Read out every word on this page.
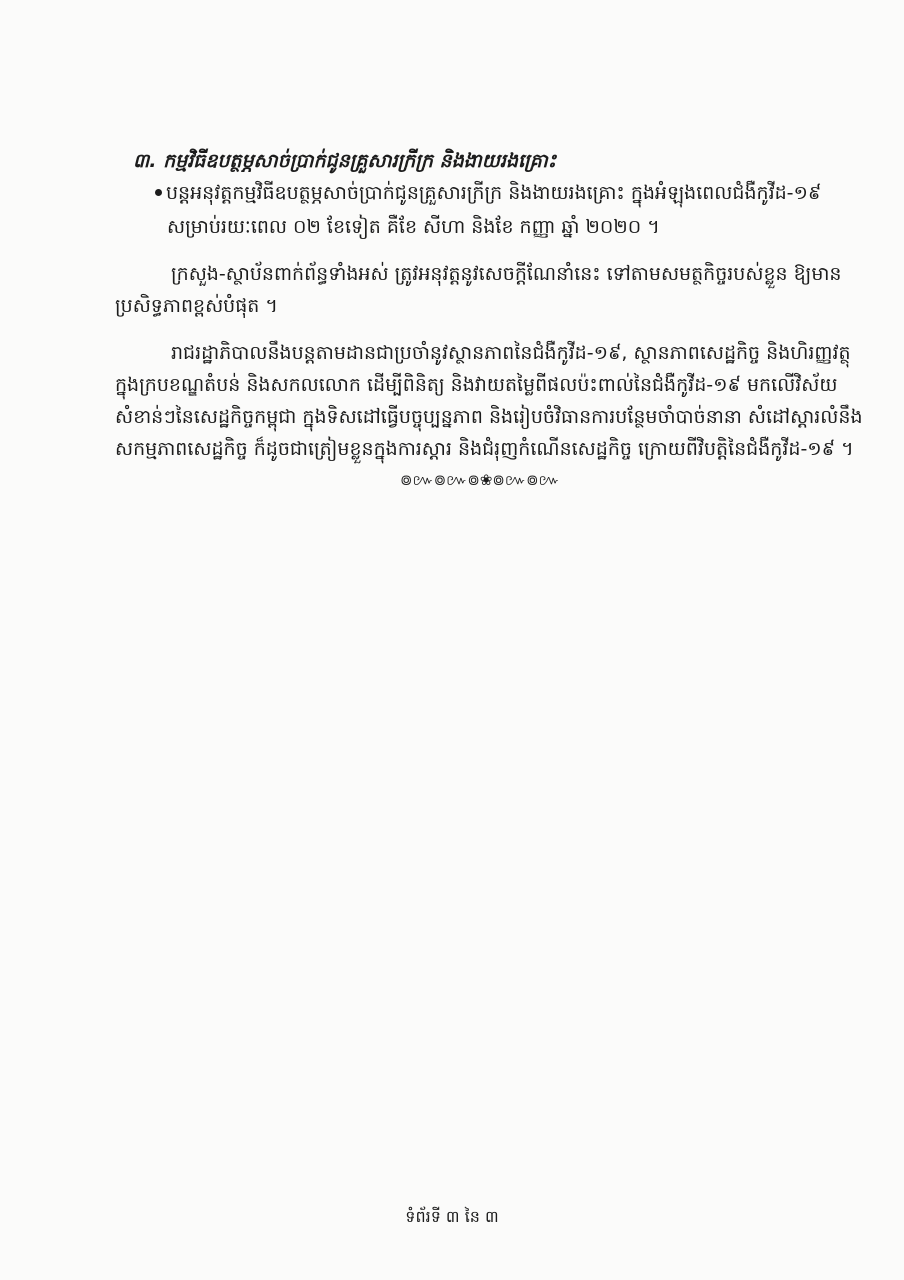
៣. កម្មវិធីឧបត្ថម្ភសាច់ប្រាក់ជូនគ្រួសារក្រីក្រ និងងាយរងគ្រោះ
បន្តអនុវត្តកម្មវិធីឧបត្ថម្ភសាច់ប្រាក់ជូនគ្រួសារក្រីក្រ និងងាយរងគ្រោះ ក្នុងអំឡុងពេលជំងឺកូវីដ-១៩
សម្រាប់រយៈពេល ០២ ខែទៀត គឺខែ សីហា និងខែ កញ្ញា ឆ្នាំ ២០២០ ។
ក្រសួង-ស្ថាប័នពាក់ព័ន្ធទាំងអស់ ត្រូវអនុវត្តនូវសេចក្ដីណែនាំនេះ ទៅតាមសមត្ថកិច្ចរបស់ខ្លួន ឱ្យមាន
ប្រសិទ្ធភាពខ្ពស់បំផុត ។
រាជរដ្ឋាភិបាលនឹងបន្តតាមដានជាប្រចាំនូវស្ថានភាពនៃជំងឺកូវីដ-១៩, ស្ថានភាពសេដ្ឋកិច្ច និងហិរញ្ញវត្ថុ
ក្នុងក្របខណ្ឌតំបន់ និងសកលលោក ដើម្បីពិនិត្យ និងវាយតម្លៃពីផលប៉ះពាល់នៃជំងឺកូវីដ-១៩ មកលើវិស័យ
សំខាន់ៗនៃសេដ្ឋកិច្ចកម្ពុជា ក្នុងទិសដៅធ្វើបច្ចុប្បន្នភាព និងរៀបចំវិធានការបន្ថែមចាំបាច់នានា សំដៅស្ដារលំនឹង
សកម្មភាពសេដ្ឋកិច្ច ក៏ដូចជាត្រៀមខ្លួនក្នុងការស្ដារ និងជំរុញកំណើនសេដ្ឋកិច្ច ក្រោយពីវិបត្តិនៃជំងឺកូវីដ-១៩ ។
៙៚៙៚៙❀៙៚៙៚
ទំព័រទី ៣ នៃ ៣
